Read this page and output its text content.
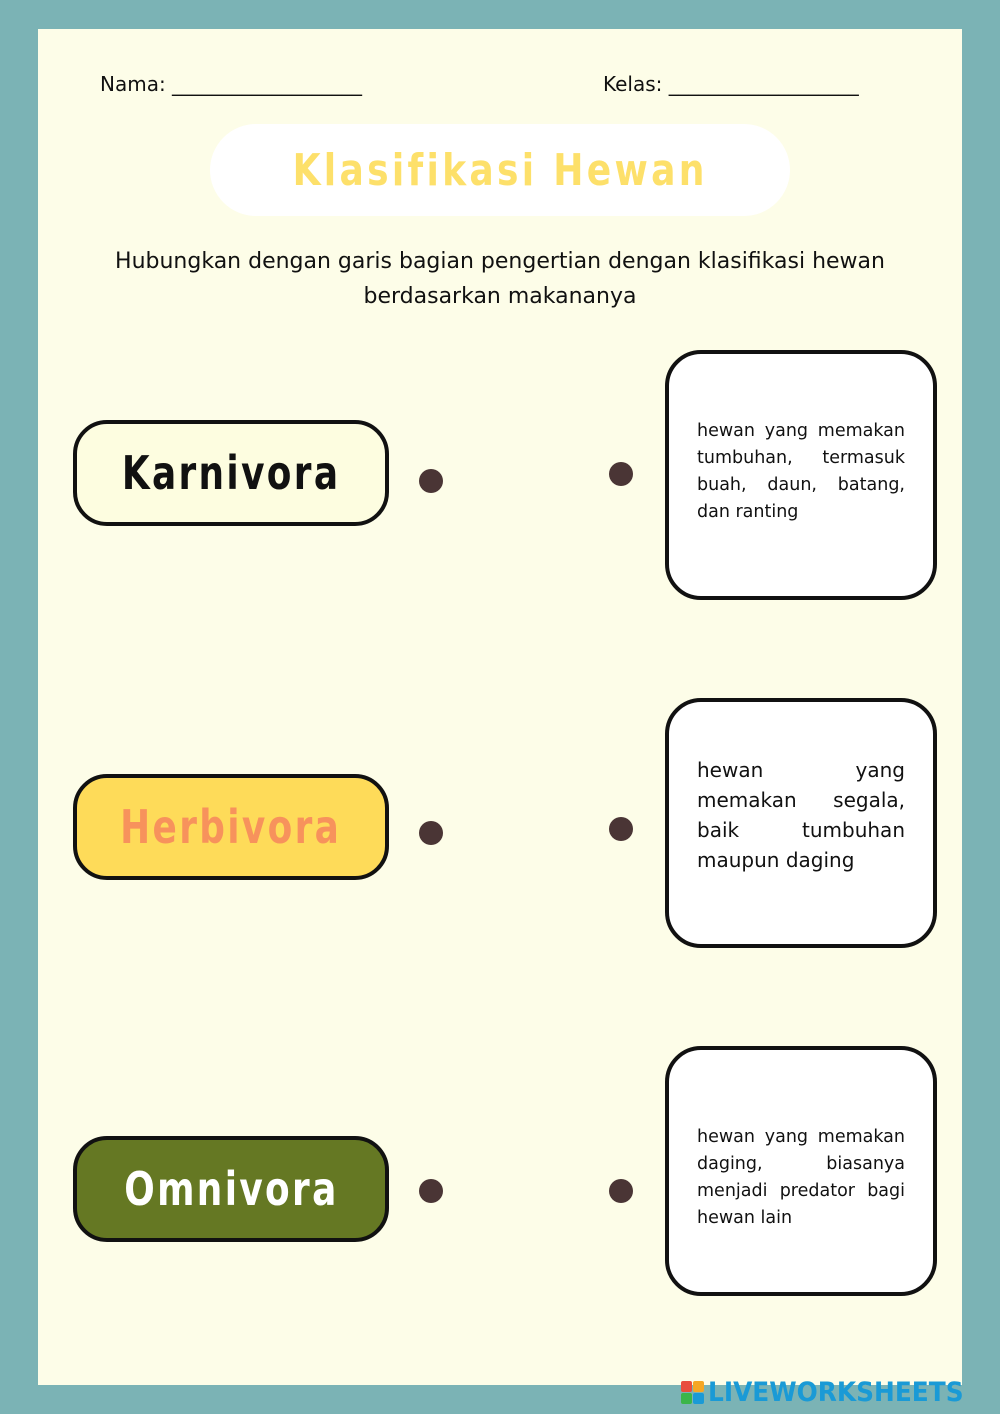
Nama: ___________________	Kelas: ___________________
Klasifikasi Hewan
Hubungkan dengan garis bagian pengertian dengan klasifikasi hewan berdasarkan makananya
Karnivora
Herbivora
Omnivora
hewan yang memakan tumbuhan, termasuk buah, daun, batang, dan ranting
hewan yang memakan segala, baik tumbuhan maupun daging
hewan yang memakan daging, biasanya menjadi predator bagi hewan lain
LIVEWORKSHEETS
